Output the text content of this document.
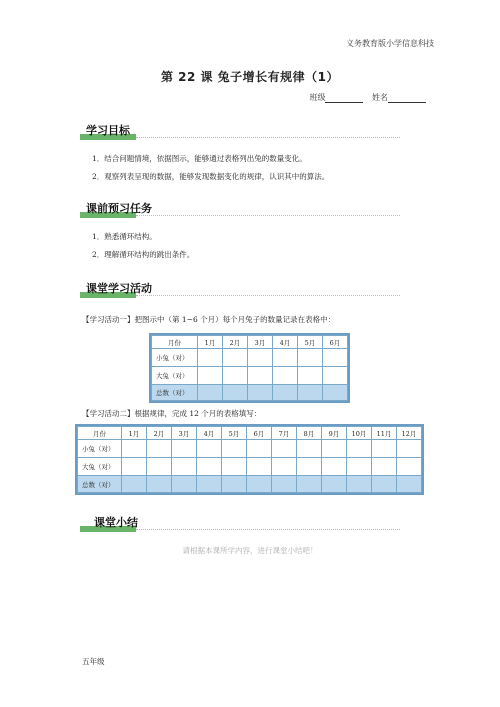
义务教育版小学信息科技
第 22 课 兔子增长有规律（1）
班级	姓名
学习目标
1．结合问题情境，依据图示，能够通过表格列出兔的数量变化。
2．观察列表呈现的数据，能够发现数据变化的规律，认识其中的算法。
课前预习任务
1．熟悉循环结构。
2．理解循环结构的跳出条件。
课堂学习活动
【学习活动一】把图示中（第 1~6 个月）每个月兔子的数量记录在表格中：
月份	1月	2月	3月	4月	5月	6月
小兔（对）						
大兔（对）						
总数（对）						
【学习活动二】根据规律，完成 12 个月的表格填写：
月份	1月	2月	3月	4月	5月	6月	7月	8月	9月	10月	11月	12月
小兔（对）												
大兔（对）												
总数（对）												
课堂小结
请根据本课所学内容，进行课堂小结吧！
五年级
